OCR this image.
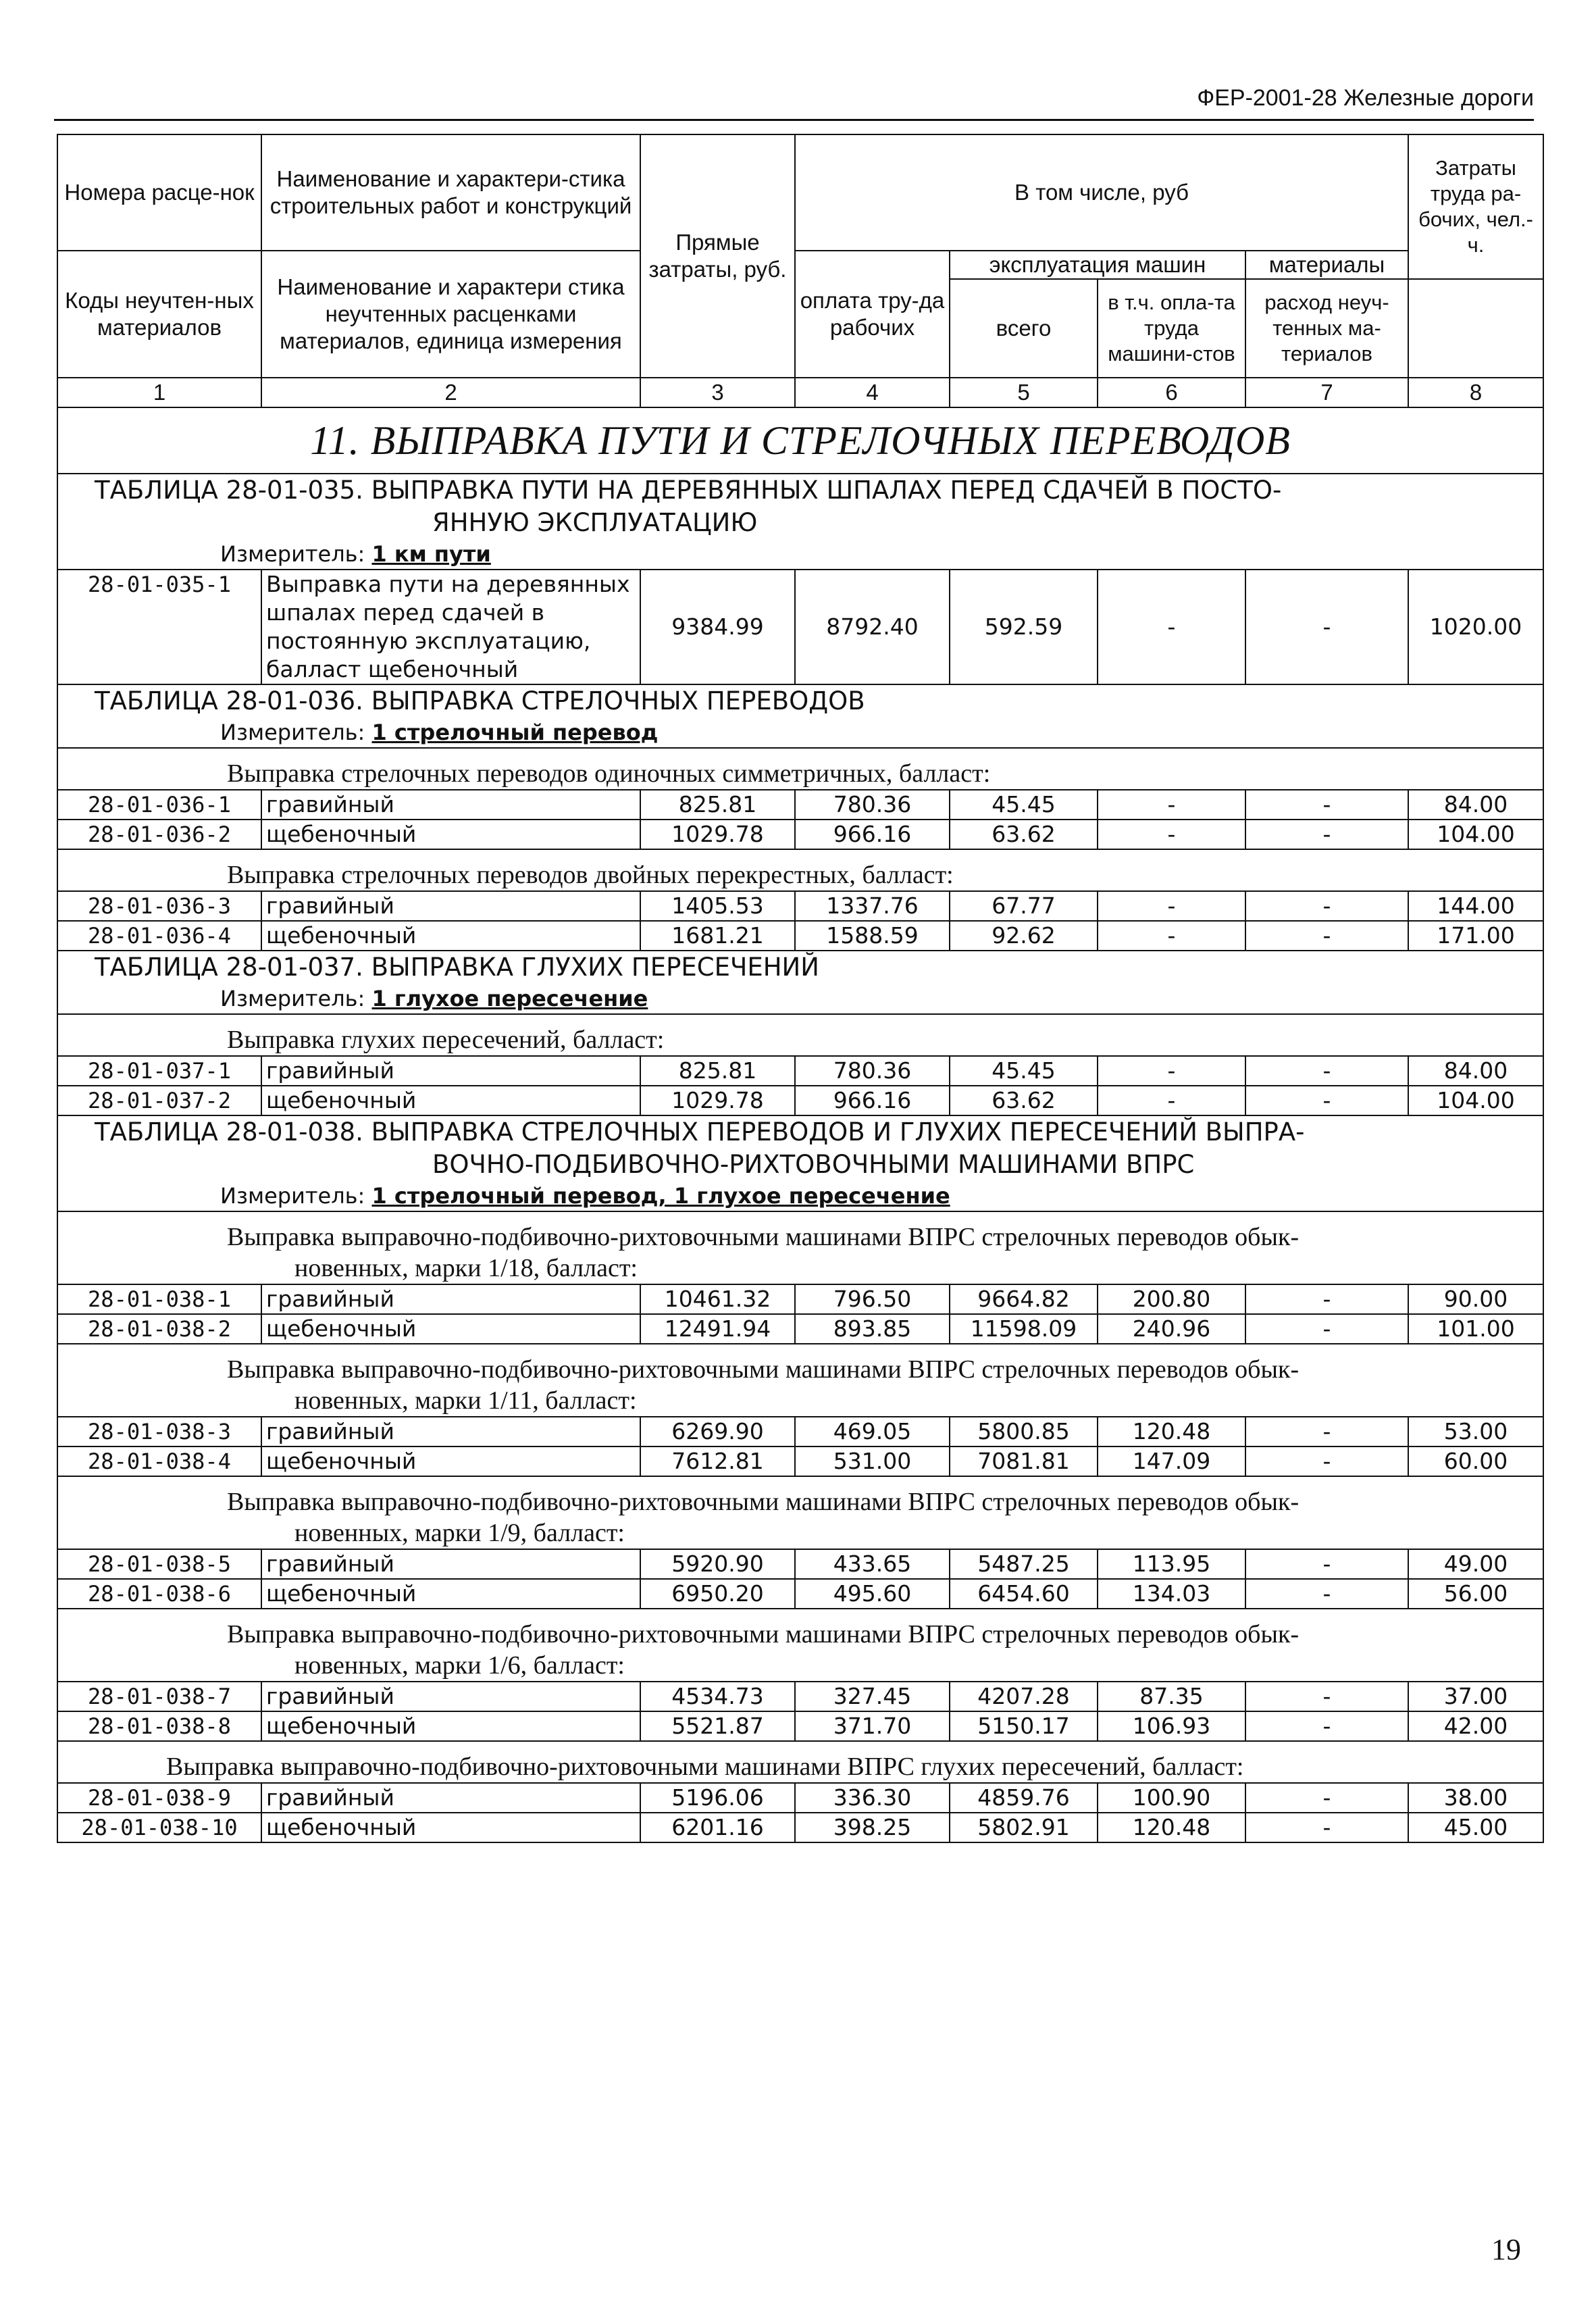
ФЕР-2001-28 Железные дороги
Номера расце-нок	Наименование и характери-стика строительных работ и конструкций	Прямые затраты, руб.	В том числе, руб				Затраты труда ра-бочих, чел.-ч.

Коды неучтен-ных материалов	Наименование и характери стика неучтенных расценками материалов, единица измерения		оплата тру-да рабочих	эксплуатация машин		материалы	
				всего	в т.ч. опла-та труда машини-стов	расход неуч-тенных ма-териалов	
1	2	3	4	5	6	7	8
11. ВЫПРАВКА ПУТИ И СТРЕЛОЧНЫХ ПЕРЕВОДОВ							
ТАБЛИЦА 28-01-035. ВЫПРАВКА ПУТИ НА ДЕРЕВЯННЫХ ШПАЛАХ ПЕРЕД СДАЧЕЙ В ПОСТО-
ЯННУЮ ЭКСПЛУАТАЦИЮ							

Измеритель: 1 км пути							
28-01-035-1	Выправка пути на деревянных шпалах перед сдачей в постоянную эксплуатацию, балласт щебеночный	9384.99	8792.40	592.59	-	-	1020.00
ТАБЛИЦА 28-01-036. ВЫПРАВКА СТРЕЛОЧНЫХ ПЕРЕВОДОВ							
Измеритель: 1 стрелочный перевод							
Выправка стрелочных переводов одиночных симметричных, балласт:							
28-01-036-1	гравийный	825.81	780.36	45.45	-	-	84.00
28-01-036-2	щебеночный	1029.78	966.16	63.62	-	-	104.00
Выправка стрелочных переводов двойных перекрестных, балласт:							
28-01-036-3	гравийный	1405.53	1337.76	67.77	-	-	144.00
28-01-036-4	щебеночный	1681.21	1588.59	92.62	-	-	171.00
ТАБЛИЦА 28-01-037. ВЫПРАВКА ГЛУХИХ ПЕРЕСЕЧЕНИЙ							
Измеритель: 1 глухое пересечение							
Выправка глухих пересечений, балласт:							
28-01-037-1	гравийный	825.81	780.36	45.45	-	-	84.00
28-01-037-2	щебеночный	1029.78	966.16	63.62	-	-	104.00
ТАБЛИЦА 28-01-038. ВЫПРАВКА СТРЕЛОЧНЫХ ПЕРЕВОДОВ И ГЛУХИХ ПЕРЕСЕЧЕНИЙ ВЫПРА-
ВОЧНО-ПОДБИВОЧНО-РИХТОВОЧНЫМИ МАШИНАМИ ВПРС							

Измеритель: 1 стрелочный перевод, 1 глухое пересечение							
Выправка выправочно-подбивочно-рихтовочными машинами ВПРС стрелочных переводов обык-
новенных, марки 1/18, балласт:							

28-01-038-1	гравийный	10461.32	796.50	9664.82	200.80	-	90.00
28-01-038-2	щебеночный	12491.94	893.85	11598.09	240.96	-	101.00
Выправка выправочно-подбивочно-рихтовочными машинами ВПРС стрелочных переводов обык-
новенных, марки 1/11, балласт:							

28-01-038-3	гравийный	6269.90	469.05	5800.85	120.48	-	53.00
28-01-038-4	щебеночный	7612.81	531.00	7081.81	147.09	-	60.00
Выправка выправочно-подбивочно-рихтовочными машинами ВПРС стрелочных переводов обык-
новенных, марки 1/9, балласт:							

28-01-038-5	гравийный	5920.90	433.65	5487.25	113.95	-	49.00
28-01-038-6	щебеночный	6950.20	495.60	6454.60	134.03	-	56.00
Выправка выправочно-подбивочно-рихтовочными машинами ВПРС стрелочных переводов обык-
новенных, марки 1/6, балласт:							

28-01-038-7	гравийный	4534.73	327.45	4207.28	87.35	-	37.00
28-01-038-8	щебеночный	5521.87	371.70	5150.17	106.93	-	42.00
Выправка выправочно-подбивочно-рихтовочными машинами ВПРС глухих пересечений, балласт:							
28-01-038-9	гравийный	5196.06	336.30	4859.76	100.90	-	38.00
28-01-038-10	щебеночный	6201.16	398.25	5802.91	120.48	-	45.00
19
